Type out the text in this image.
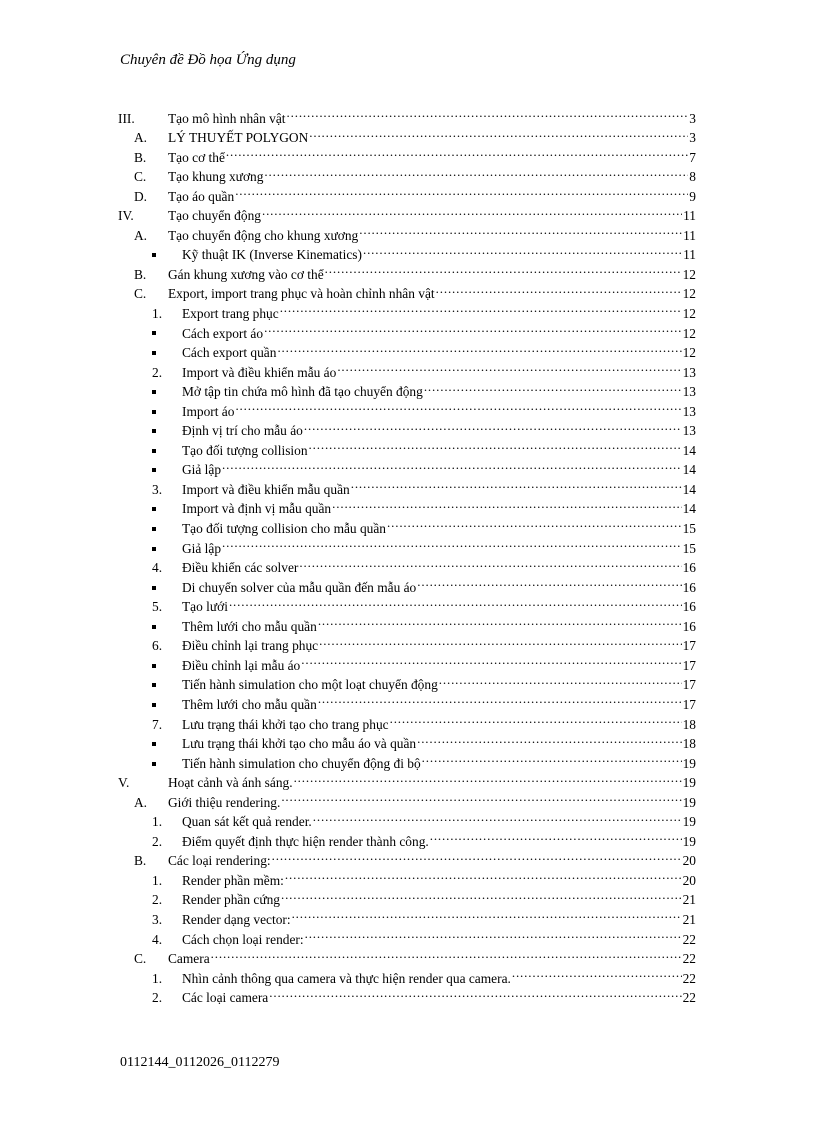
Chuyên đề Đồ họa Ứng dụng
III.	Tạo mô hình nhân vật . . .	3
A.	LÝ THUYẾT POLYGON . . .	3
B.	Tạo cơ thể . . .	7
C.	Tạo khung xương . . .	8
D.	Tạo áo quần . . .	9
IV.	Tạo chuyển động . . .	11
A.	Tạo chuyển động cho khung xương . . .	11
Kỹ thuật IK (Inverse Kinematics) . . .	11
B.	Gán khung xương vào cơ thể . . .	12
C.	Export, import trang phục và hoàn chỉnh nhân vật . . .	12
1.	Export trang phục . . .	12
Cách export áo . . .	12
Cách export quần . . .	12
2.	Import và điều khiển mẫu áo . . .	13
Mở tập tin chứa mô hình đã tạo chuyển động . . .	13
Import áo . . .	13
Định vị trí cho mẫu áo . . .	13
Tạo đối tượng collision . . .	14
Giả lập . . .	14
3.	Import và điều khiển mẫu quần . . .	14
Import và định vị mẫu quần . . .	14
Tạo đối tượng collision cho mẫu quần . . .	15
Giả lập . . .	15
4.	Điều khiển các solver . . .	16
Di chuyển solver của mẫu quần đến mẫu áo . . .	16
5.	Tạo lưới . . .	16
Thêm lưới cho mẫu quần . . .	16
6.	Điều chỉnh lại trang phục . . .	17
Điều chỉnh lại mẫu áo . . .	17
Tiến hành simulation cho một loạt chuyển động . . .	17
Thêm lưới cho mẫu quần . . .	17
7.	Lưu trạng thái khởi tạo cho trang phục . . .	18
Lưu trạng thái khởi tạo cho mẫu áo và quần . . .	18
Tiến hành simulation cho chuyển động đi bộ . . .	19
V.	Hoạt cảnh và ánh sáng. . . .	19
A.	Giới thiệu rendering. . . .	19
1.	Quan sát kết quả render. . . .	19
2.	Điểm quyết định thực hiện render thành công. . . .	19
B.	Các loại rendering: . . .	20
1.	Render phần mềm: . . .	20
2.	Render phần cứng . . .	21
3.	Render dạng vector: . . .	21
4.	Cách chọn loại render: . . .	22
C.	Camera . . .	22
1.	Nhìn cảnh thông qua camera và thực hiện render qua camera. . . .	22
2.	Các loại camera . . .	22
0112144_0112026_0112279
